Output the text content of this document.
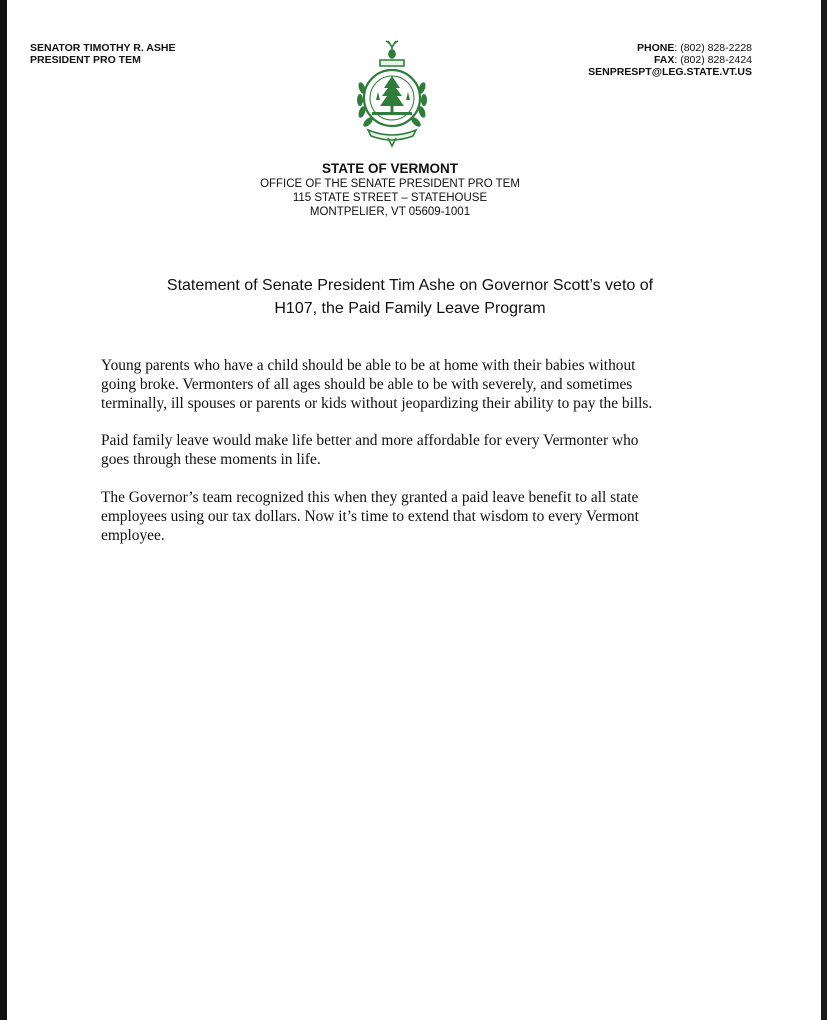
SENATOR TIMOTHY R. ASHE
PRESIDENT PRO TEM
PHONE: (802) 828-2228
FAX: (802) 828-2424
SENPRESPT@LEG.STATE.VT.US
STATE OF VERMONT
OFFICE OF THE SENATE PRESIDENT PRO TEM
115 STATE STREET – STATEHOUSE
MONTPELIER, VT 05609-1001
Statement of Senate President Tim Ashe on Governor Scott’s veto of
H107, the Paid Family Leave Program

Young parents who have a child should be able to be at home with their babies without

going broke. Vermonters of all ages should be able to be with severely, and sometimes

terminally, ill spouses or parents or kids without jeopardizing their ability to pay the bills.

Paid family leave would make life better and more affordable for every Vermonter who

goes through these moments in life.

The Governor’s team recognized this when they granted a paid leave benefit to all state

employees using our tax dollars. Now it’s time to extend that wisdom to every Vermont

employee.
